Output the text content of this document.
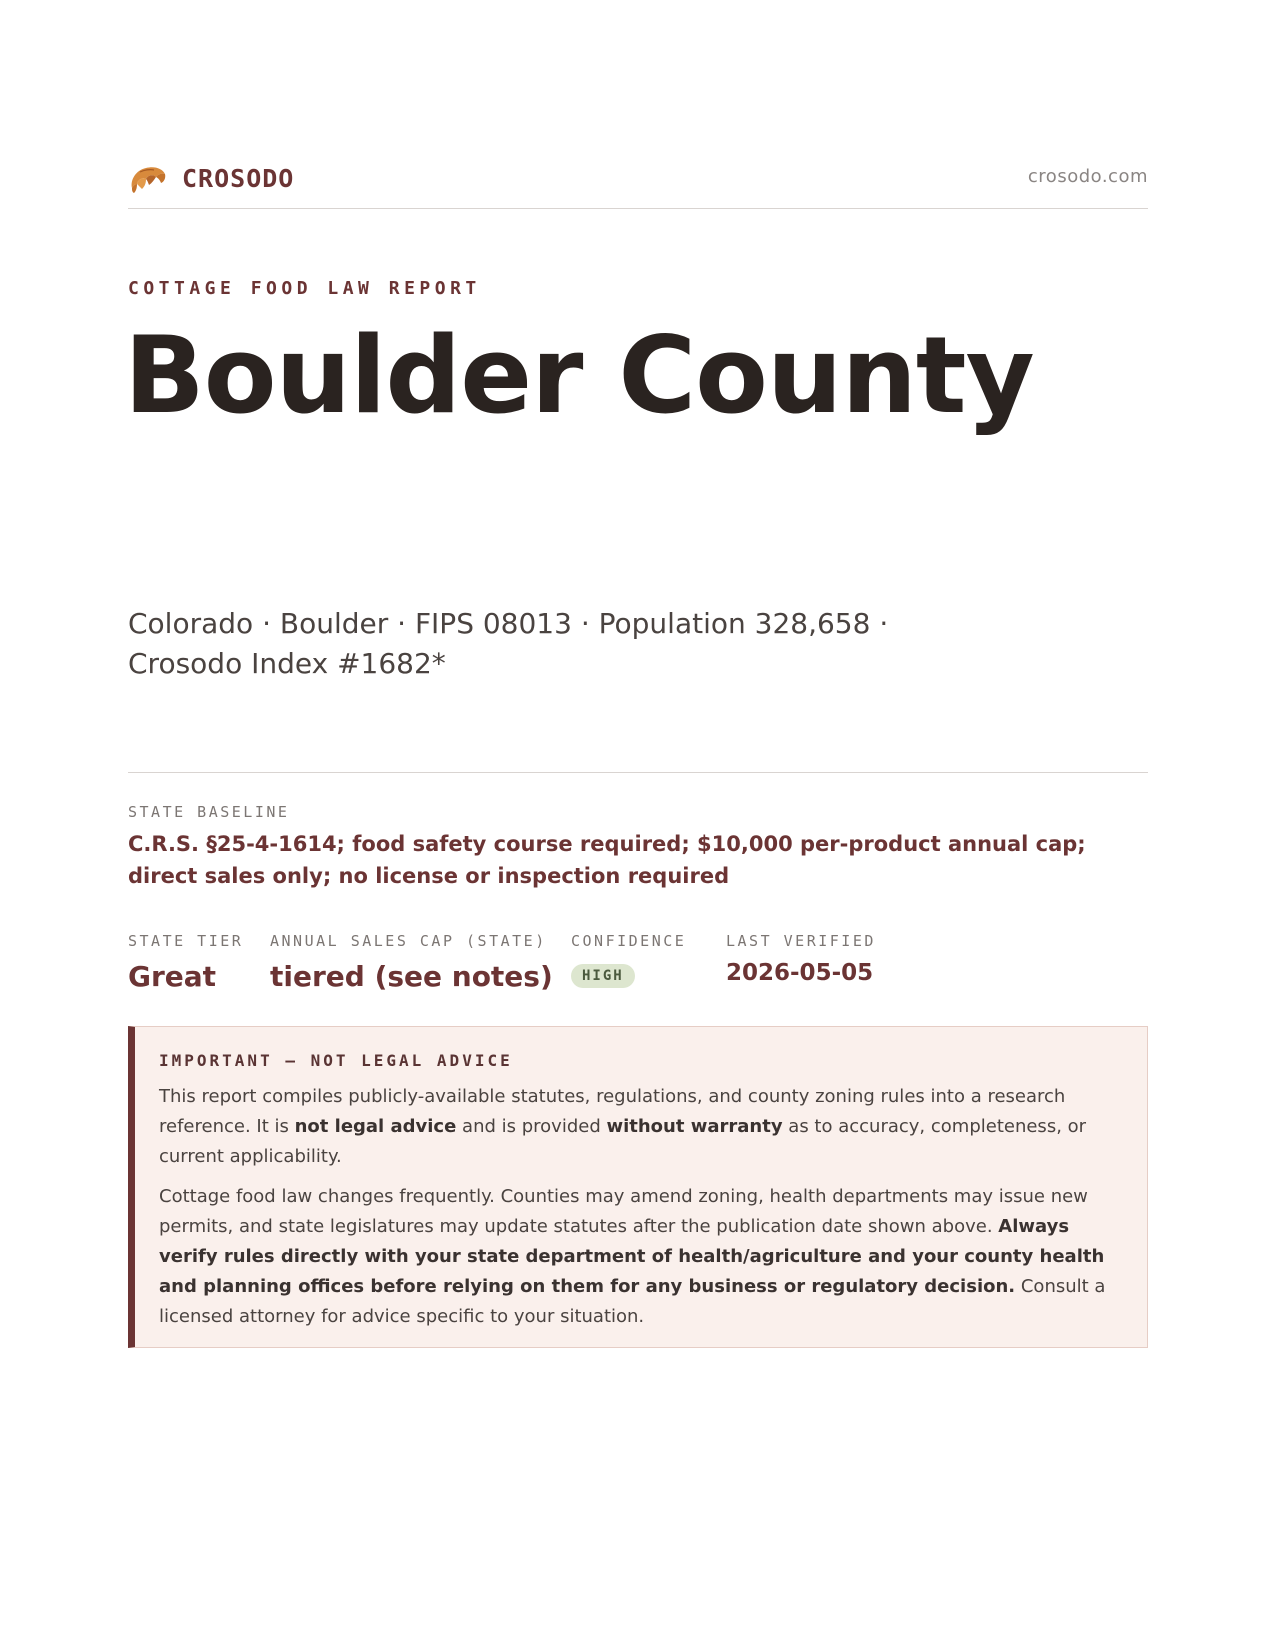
CROSODO	crosodo.com
COTTAGE FOOD LAW REPORT
Boulder County
Colorado · Boulder · FIPS 08013 · Population 328,658 · Crosodo Index #1682*
STATE BASELINE
C.R.S. §25-4-1614; food safety course required; $10,000 per-product annual cap; direct sales only; no license or inspection required
STATE TIER
Great
ANNUAL SALES CAP (STATE)
tiered (see notes)
CONFIDENCE
HIGH
LAST VERIFIED
2026-05-05
IMPORTANT — NOT LEGAL ADVICE

This report compiles publicly-available statutes, regulations, and county zoning rules into a research reference. It is not legal advice and is provided without warranty as to accuracy, completeness, or current applicability.

Cottage food law changes frequently. Counties may amend zoning, health departments may issue new permits, and state legislatures may update statutes after the publication date shown above. Always verify rules directly with your state department of health/agriculture and your county health and planning offices before relying on them for any business or regulatory decision. Consult a licensed attorney for advice specific to your situation.
